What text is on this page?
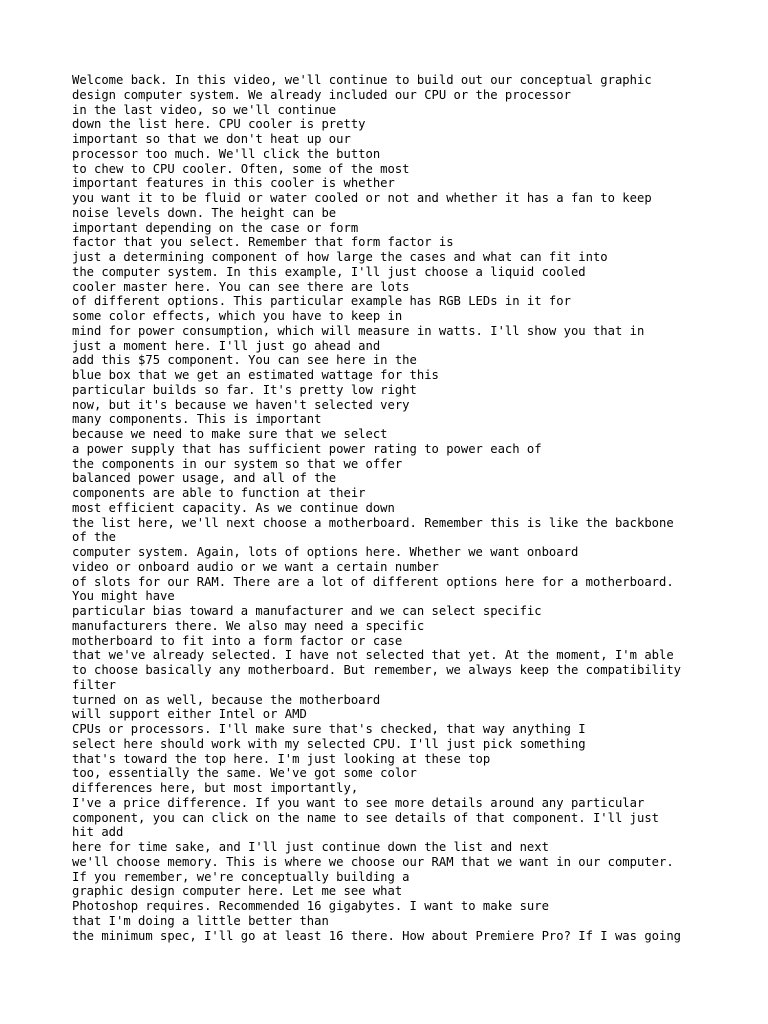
Welcome back. In this video, we'll continue to build out our conceptual graphic
design computer system. We already included our CPU or the processor
in the last video, so we'll continue
down the list here. CPU cooler is pretty
important so that we don't heat up our
processor too much. We'll click the button
to chew to CPU cooler. Often, some of the most
important features in this cooler is whether
you want it to be fluid or water cooled or not and whether it has a fan to keep
noise levels down. The height can be
important depending on the case or form
factor that you select. Remember that form factor is
just a determining component of how large the cases and what can fit into
the computer system. In this example, I'll just choose a liquid cooled
cooler master here. You can see there are lots
of different options. This particular example has RGB LEDs in it for
some color effects, which you have to keep in
mind for power consumption, which will measure in watts. I'll show you that in
just a moment here. I'll just go ahead and
add this $75 component. You can see here in the
blue box that we get an estimated wattage for this
particular builds so far. It's pretty low right
now, but it's because we haven't selected very
many components. This is important
because we need to make sure that we select
a power supply that has sufficient power rating to power each of
the components in our system so that we offer
balanced power usage, and all of the
components are able to function at their
most efficient capacity. As we continue down
the list here, we'll next choose a motherboard. Remember this is like the backbone
of the
computer system. Again, lots of options here. Whether we want onboard
video or onboard audio or we want a certain number
of slots for our RAM. There are a lot of different options here for a motherboard.
You might have
particular bias toward a manufacturer and we can select specific
manufacturers there. We also may need a specific
motherboard to fit into a form factor or case
that we've already selected. I have not selected that yet. At the moment, I'm able
to choose basically any motherboard. But remember, we always keep the compatibility
filter
turned on as well, because the motherboard
will support either Intel or AMD
CPUs or processors. I'll make sure that's checked, that way anything I
select here should work with my selected CPU. I'll just pick something
that's toward the top here. I'm just looking at these top
too, essentially the same. We've got some color
differences here, but most importantly,
I've a price difference. If you want to see more details around any particular
component, you can click on the name to see details of that component. I'll just
hit add
here for time sake, and I'll just continue down the list and next
we'll choose memory. This is where we choose our RAM that we want in our computer.
If you remember, we're conceptually building a
graphic design computer here. Let me see what
Photoshop requires. Recommended 16 gigabytes. I want to make sure
that I'm doing a little better than
the minimum spec, I'll go at least 16 there. How about Premiere Pro? If I was going
